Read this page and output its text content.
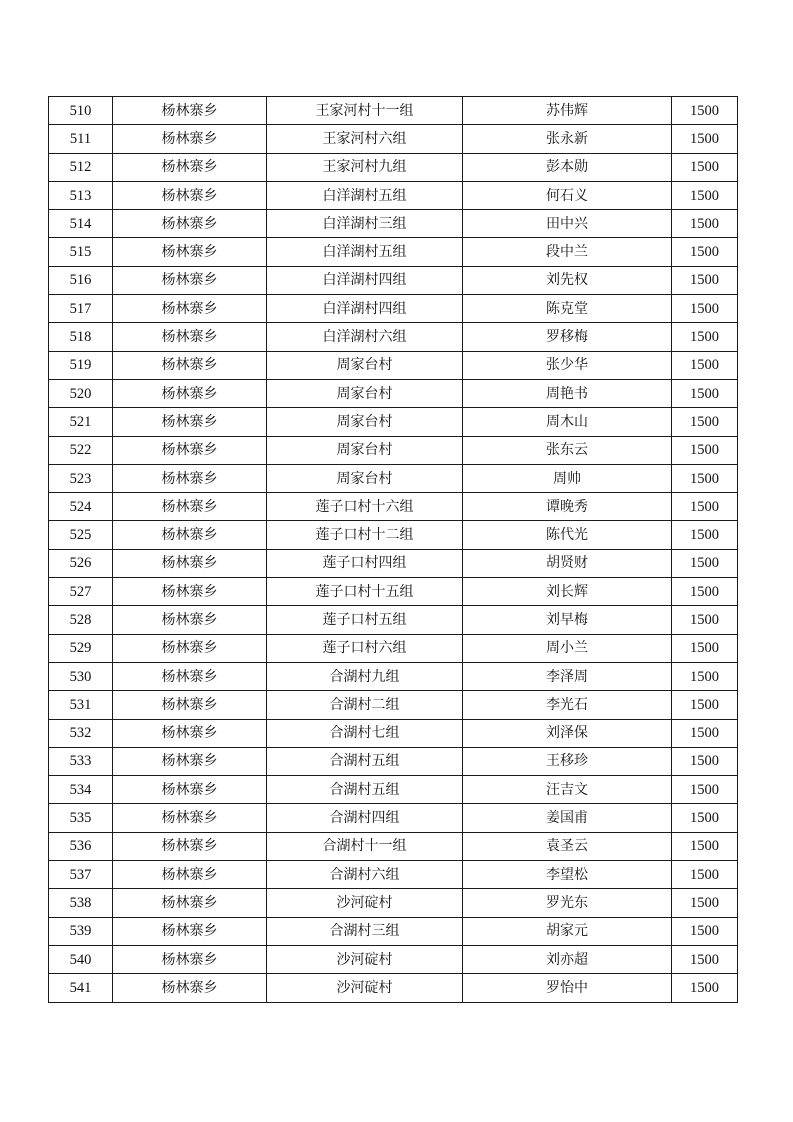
510	杨林寨乡	王家河村十一组	苏伟辉	1500
511	杨林寨乡	王家河村六组	张永新	1500
512	杨林寨乡	王家河村九组	彭本勋	1500
513	杨林寨乡	白洋湖村五组	何石义	1500
514	杨林寨乡	白洋湖村三组	田中兴	1500
515	杨林寨乡	白洋湖村五组	段中兰	1500
516	杨林寨乡	白洋湖村四组	刘先权	1500
517	杨林寨乡	白洋湖村四组	陈克堂	1500
518	杨林寨乡	白洋湖村六组	罗移梅	1500
519	杨林寨乡	周家台村	张少华	1500
520	杨林寨乡	周家台村	周艳书	1500
521	杨林寨乡	周家台村	周木山	1500
522	杨林寨乡	周家台村	张东云	1500
523	杨林寨乡	周家台村	周帅	1500
524	杨林寨乡	莲子口村十六组	谭晚秀	1500
525	杨林寨乡	莲子口村十二组	陈代光	1500
526	杨林寨乡	莲子口村四组	胡贤财	1500
527	杨林寨乡	莲子口村十五组	刘长辉	1500
528	杨林寨乡	莲子口村五组	刘早梅	1500
529	杨林寨乡	莲子口村六组	周小兰	1500
530	杨林寨乡	合湖村九组	李泽周	1500
531	杨林寨乡	合湖村二组	李光石	1500
532	杨林寨乡	合湖村七组	刘泽保	1500
533	杨林寨乡	合湖村五组	王移珍	1500
534	杨林寨乡	合湖村五组	汪吉文	1500
535	杨林寨乡	合湖村四组	姜国甫	1500
536	杨林寨乡	合湖村十一组	袁圣云	1500
537	杨林寨乡	合湖村六组	李望松	1500
538	杨林寨乡	沙河碇村	罗光东	1500
539	杨林寨乡	合湖村三组	胡家元	1500
540	杨林寨乡	沙河碇村	刘亦超	1500
541	杨林寨乡	沙河碇村	罗怡中	1500
